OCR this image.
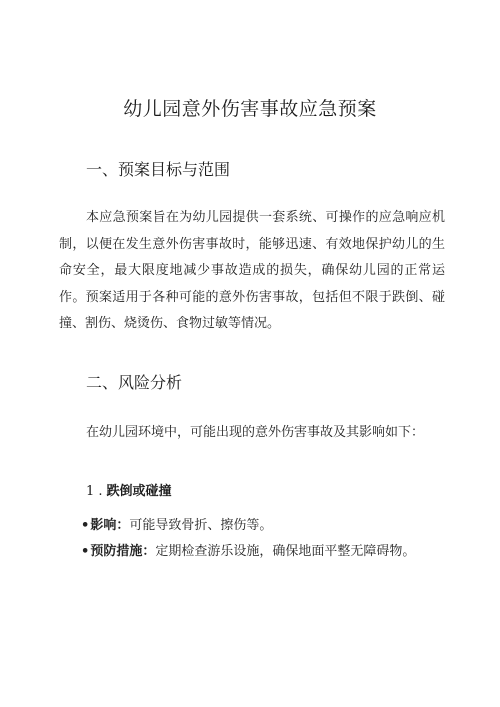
幼儿园意外伤害事故应急预案
一、预案目标与范围
本应急预案旨在为幼儿园提供一套系统、可操作的应急响应机制，以便在发生意外伤害事故时，能够迅速、有效地保护幼儿的生命安全，最大限度地减少事故造成的损失，确保幼儿园的正常运作。预案适用于各种可能的意外伤害事故，包括但不限于跌倒、碰撞、割伤、烧烫伤、食物过敏等情况。
二、风险分析
在幼儿园环境中，可能出现的意外伤害事故及其影响如下：
1 . 跌倒或碰撞
•影响：可能导致骨折、擦伤等。
•预防措施：定期检查游乐设施，确保地面平整无障碍物。
